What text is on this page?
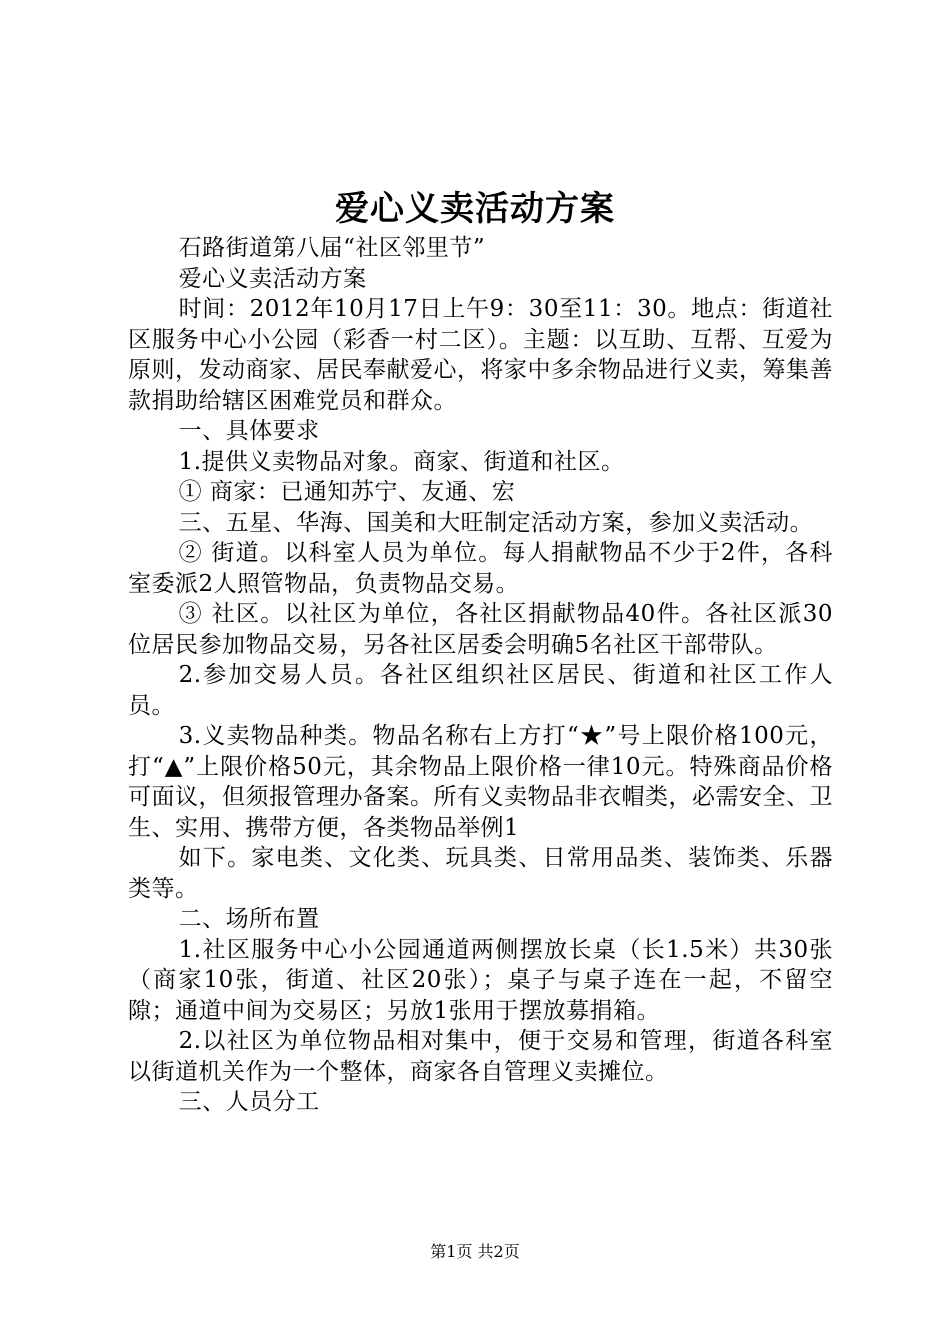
爱心义卖活动方案

石路街道第八届“社区邻里节”

爱心义卖活动方案

时间：2012年10月17日上午9：30至11：30。地点：街道社区服务中心小公园（彩香一村二区）。主题：以互助、互帮、互爱为原则，发动商家、居民奉献爱心，将家中多余物品进行义卖，筹集善款捐助给辖区困难党员和群众。

一、具体要求

1.提供义卖物品对象。商家、街道和社区。

① 商家：已通知苏宁、友通、宏

三、五星、华海、国美和大旺制定活动方案，参加义卖活动。

② 街道。以科室人员为单位。每人捐献物品不少于2件，各科室委派2人照管物品，负责物品交易。

③ 社区。以社区为单位，各社区捐献物品40件。各社区派30位居民参加物品交易，另各社区居委会明确5名社区干部带队。

2.参加交易人员。各社区组织社区居民、街道和社区工作人员。

3.义卖物品种类。物品名称右上方打“★”号上限价格100元，打“▲”上限价格50元，其余物品上限价格一律10元。特殊商品价格可面议，但须报管理办备案。所有义卖物品非衣帽类，必需安全、卫生、实用、携带方便，各类物品举例1

如下。家电类、文化类、玩具类、日常用品类、装饰类、乐器类等。

二、场所布置

1.社区服务中心小公园通道两侧摆放长桌（长1.5米）共30张（商家10张，街道、社区20张）；桌子与桌子连在一起，不留空隙；通道中间为交易区；另放1张用于摆放募捐箱。

2.以社区为单位物品相对集中，便于交易和管理，街道各科室以街道机关作为一个整体，商家各自管理义卖摊位。

三、人员分工

第1页 共2页
